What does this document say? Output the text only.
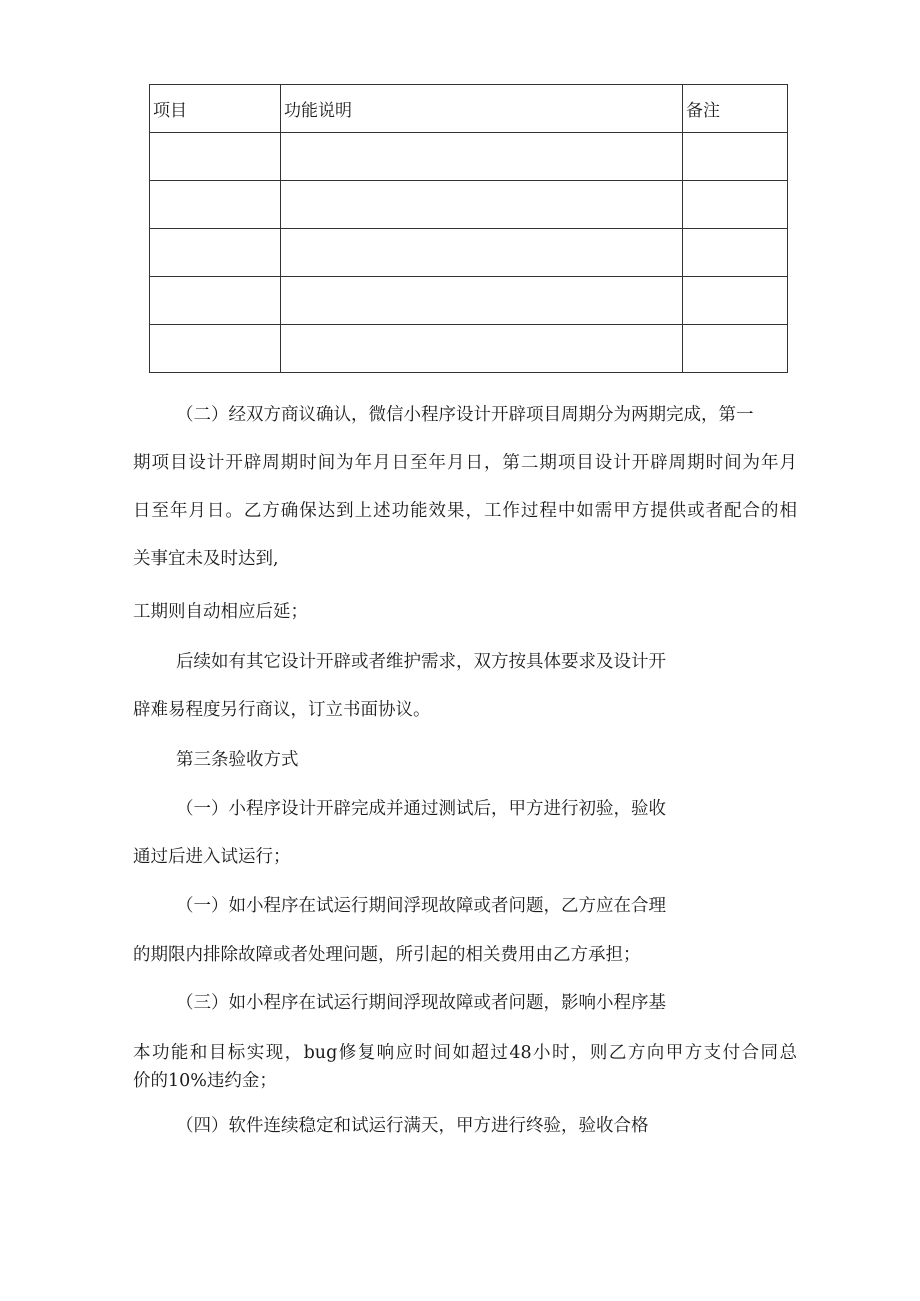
项目	功能说明	备注

（二）经双方商议确认，微信小程序设计开辟项目周期分为两期完成，第一
期项目设计开辟周期时间为年月日至年月日，第二期项目设计开辟周期时间为年月
日至年月日。乙方确保达到上述功能效果，工作过程中如需甲方提供或者配合的相
关事宜未及时达到,
工期则自动相应后延；
后续如有其它设计开辟或者维护需求，双方按具体要求及设计开
辟难易程度另行商议，订立书面协议。
第三条验收方式
（一）小程序设计开辟完成并通过测试后，甲方进行初验，验收
通过后进入试运行；
（一）如小程序在试运行期间浮现故障或者问题，乙方应在合理
的期限内排除故障或者处理问题，所引起的相关费用由乙方承担；
（三）如小程序在试运行期间浮现故障或者问题，影响小程序基
本功能和目标实现，bug修复响应时间如超过48小时，则乙方向甲方支付合同总
价的10%违约金；
（四）软件连续稳定和试运行满天，甲方进行终验，验收合格
